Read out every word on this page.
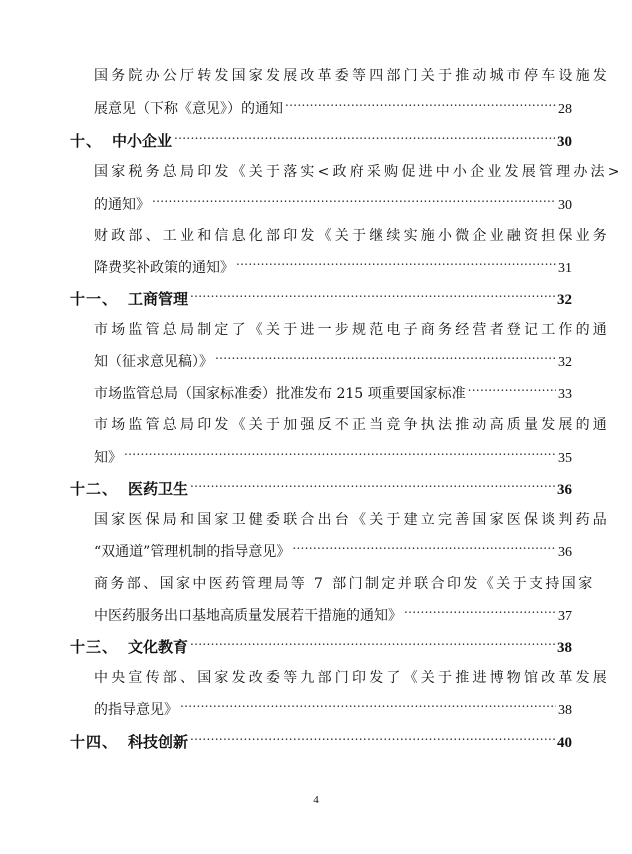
国务院办公厅转发国家发展改革委等四部门关于推动城市停车设施发
展意见（下称《意见》）的通知 .....	28
十、 中小企业 .....	30
国家税务总局印发《关于落实<政府采购促进中小企业发展管理办法>
的通知》 .....	30
财政部、工业和信息化部印发《关于继续实施小微企业融资担保业务
降费奖补政策的通知》 .....	31
十一、 工商管理 .....	32
市场监管总局制定了《关于进一步规范电子商务经营者登记工作的通
知（征求意见稿）》 .....	32
市场监管总局（国家标准委）批准发布 215 项重要国家标准 .....	33
市场监管总局印发《关于加强反不正当竞争执法推动高质量发展的通
知》 .....	35
十二、 医药卫生 .....	36
国家医保局和国家卫健委联合出台《关于建立完善国家医保谈判药品
“双通道”管理机制的指导意见》 .....	36
商务部、国家中医药管理局等 7 部门制定并联合印发《关于支持国家
中医药服务出口基地高质量发展若干措施的通知》 .....	37
十三、 文化教育 .....	38
中央宣传部、国家发改委等九部门印发了《关于推进博物馆改革发展
的指导意见》 .....	38
十四、 科技创新 .....	40
4
